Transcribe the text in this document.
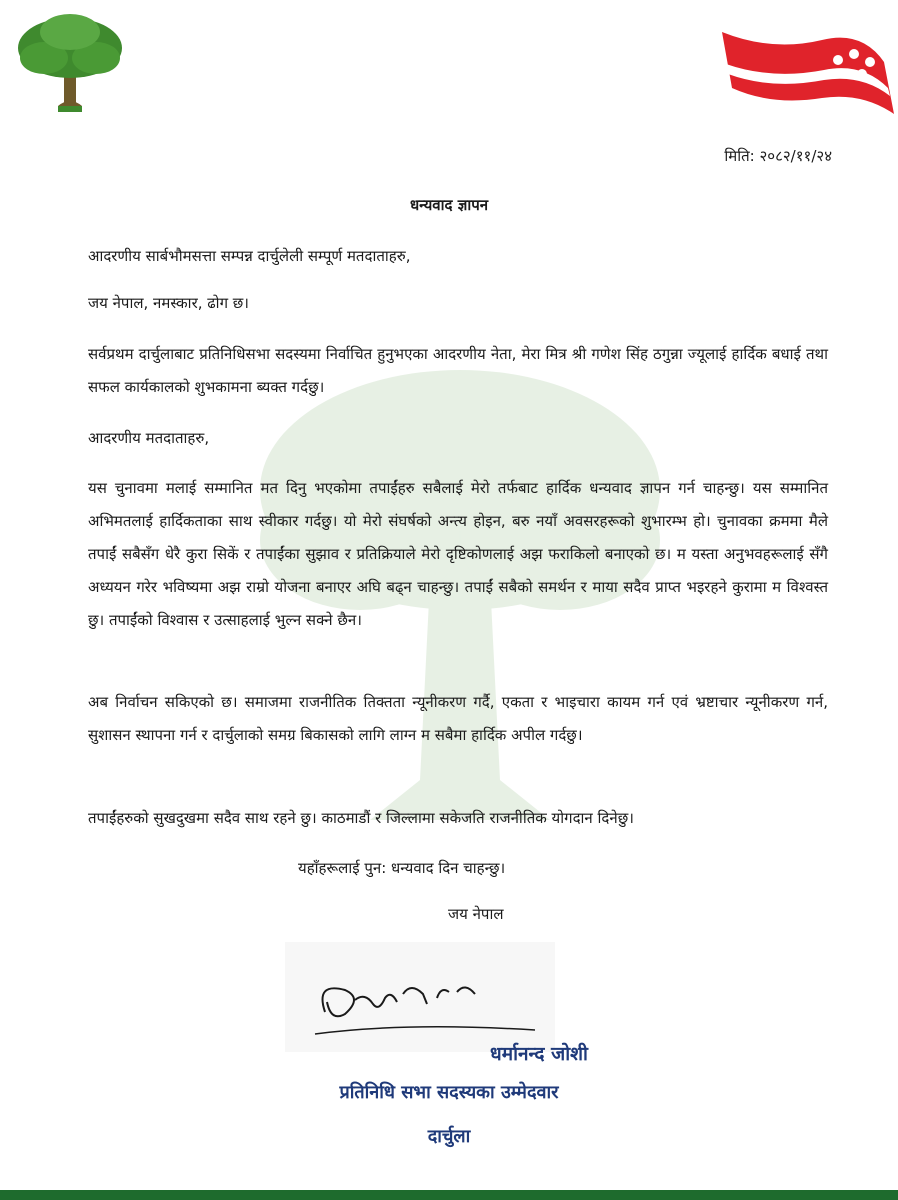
मिति: २०८२/११/२४
धन्यवाद ज्ञापन

आदरणीय सार्बभौमसत्ता सम्पन्न दार्चुलेली सम्पूर्ण मतदाताहरु,

जय नेपाल, नमस्कार, ढोग छ।

सर्वप्रथम दार्चुलाबाट प्रतिनिधिसभा सदस्यमा निर्वाचित हुनुभएका आदरणीय नेता, मेरा मित्र श्री गणेश सिंह ठगुन्ना ज्यूलाई हार्दिक बधाई तथा सफल कार्यकालको शुभकामना ब्यक्त गर्दछु।

आदरणीय मतदाताहरु,

यस चुनावमा मलाई सम्मानित मत दिनु भएकोमा तपाईंहरु सबैलाई मेरो तर्फबाट हार्दिक धन्यवाद ज्ञापन गर्न चाहन्छु। यस सम्मानित अभिमतलाई हार्दिकताका साथ स्वीकार गर्दछु। यो मेरो संघर्षको अन्त्य होइन, बरु नयाँ अवसरहरूको शुभारम्भ हो। चुनावका क्रममा मैले तपाईं सबैसँग धेरै कुरा सिकें र तपाईंका सुझाव र प्रतिक्रियाले मेरो दृष्टिकोणलाई अझ फराकिलो बनाएको छ। म यस्ता अनुभवहरूलाई सँगै अध्ययन गरेर भविष्यमा अझ राम्रो योजना बनाएर अघि बढ्न चाहन्छु। तपाईं सबैको समर्थन र माया सदैव प्राप्त भइरहने कुरामा म विश्वस्त छु। तपाईंको विश्वास र उत्साहलाई भुल्न सक्ने छैन।

अब निर्वाचन सकिएको छ। समाजमा राजनीतिक तिक्तता न्यूनीकरण गर्दै, एकता र भाइचारा कायम गर्न एवं भ्रष्टाचार न्यूनीकरण गर्न, सुशासन स्थापना गर्न र दार्चुलाको समग्र बिकासको लागि लाग्न म सबैमा हार्दिक अपील गर्दछु।

तपाईंहरुको सुखदुखमा सदैव साथ रहने छु। काठमाडौं र जिल्लामा सकेजति राजनीतिक योगदान दिनेछु।

यहाँहरूलाई पुन: धन्यवाद दिन चाहन्छु।
जय नेपाल
धर्मानन्द जोशी
प्रतिनिधि सभा सदस्यका उम्मेदवार
दार्चुला
